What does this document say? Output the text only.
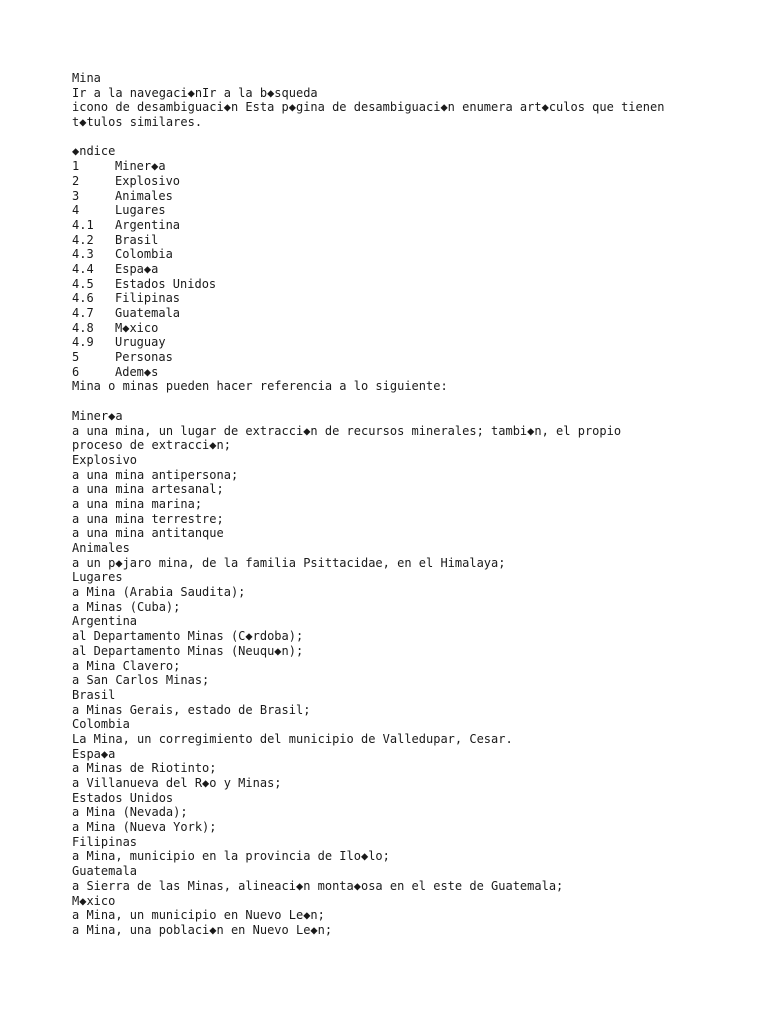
Mina
Ir a la navegaci◆nIr a la b◆squeda
icono de desambiguaci◆n Esta p◆gina de desambiguaci◆n enumera art◆culos que tienen
t◆tulos similares.
◆ndice
1	Miner◆a
2	Explosivo
3	Animales
4	Lugares
4.1	Argentina
4.2	Brasil
4.3	Colombia
4.4	Espa◆a
4.5	Estados Unidos
4.6	Filipinas
4.7	Guatemala
4.8	M◆xico
4.9	Uruguay
5	Personas
6	Adem◆s
Mina o minas pueden hacer referencia a lo siguiente:
Miner◆a
a una mina, un lugar de extracci◆n de recursos minerales; tambi◆n, el propio
proceso de extracci◆n;
Explosivo
a una mina antipersona;
a una mina artesanal;
a una mina marina;
a una mina terrestre;
a una mina antitanque
Animales
a un p◆jaro mina, de la familia Psittacidae, en el Himalaya;
Lugares
a Mina (Arabia Saudita);
a Minas (Cuba);
Argentina
al Departamento Minas (C◆rdoba);
al Departamento Minas (Neuqu◆n);
a Mina Clavero;
a San Carlos Minas;
Brasil
a Minas Gerais, estado de Brasil;
Colombia
La Mina, un corregimiento del municipio de Valledupar, Cesar.
Espa◆a
a Minas de Riotinto;
a Villanueva del R◆o y Minas;
Estados Unidos
a Mina (Nevada);
a Mina (Nueva York);
Filipinas
a Mina, municipio en la provincia de Ilo◆lo;
Guatemala
a Sierra de las Minas, alineaci◆n monta◆osa en el este de Guatemala;
M◆xico
a Mina, un municipio en Nuevo Le◆n;
a Mina, una poblaci◆n en Nuevo Le◆n;
